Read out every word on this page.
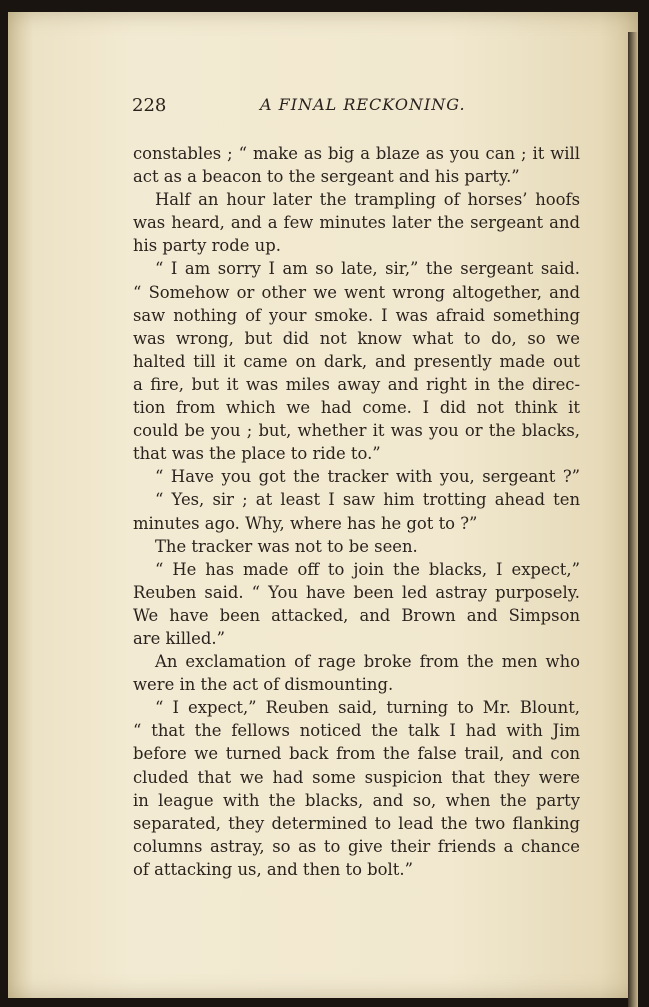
228	A FINAL RECKONING.
constables ; “ make as big a blaze as you can ; it will
act as a beacon to the sergeant and his party.”
Half an hour later the trampling of horses’ hoofs
was heard, and a few minutes later the sergeant and
his party rode up.
“ I am sorry I am so late, sir,” the sergeant said.
“ Somehow or other we went wrong altogether, and
saw nothing of your smoke. I was afraid something
was wrong, but did not know what to do, so we
halted till it came on dark, and presently made out
a fire, but it was miles away and right in the direc-
tion from which we had come. I did not think it
could be you ; but, whether it was you or the blacks,
that was the place to ride to.”
“ Have you got the tracker with you, sergeant ?”
“ Yes, sir ; at least I saw him trotting ahead ten
minutes ago. Why, where has he got to ?”
The tracker was not to be seen.
“ He has made off to join the blacks, I expect,”
Reuben said. “ You have been led astray purposely.
We have been attacked, and Brown and Simpson
are killed.”
An exclamation of rage broke from the men who
were in the act of dismounting.
“ I expect,” Reuben said, turning to Mr. Blount,
“ that the fellows noticed the talk I had with Jim
before we turned back from the false trail, and con
cluded that we had some suspicion that they were
in league with the blacks, and so, when the party
separated, they determined to lead the two flanking
columns astray, so as to give their friends a chance
of attacking us, and then to bolt.”
